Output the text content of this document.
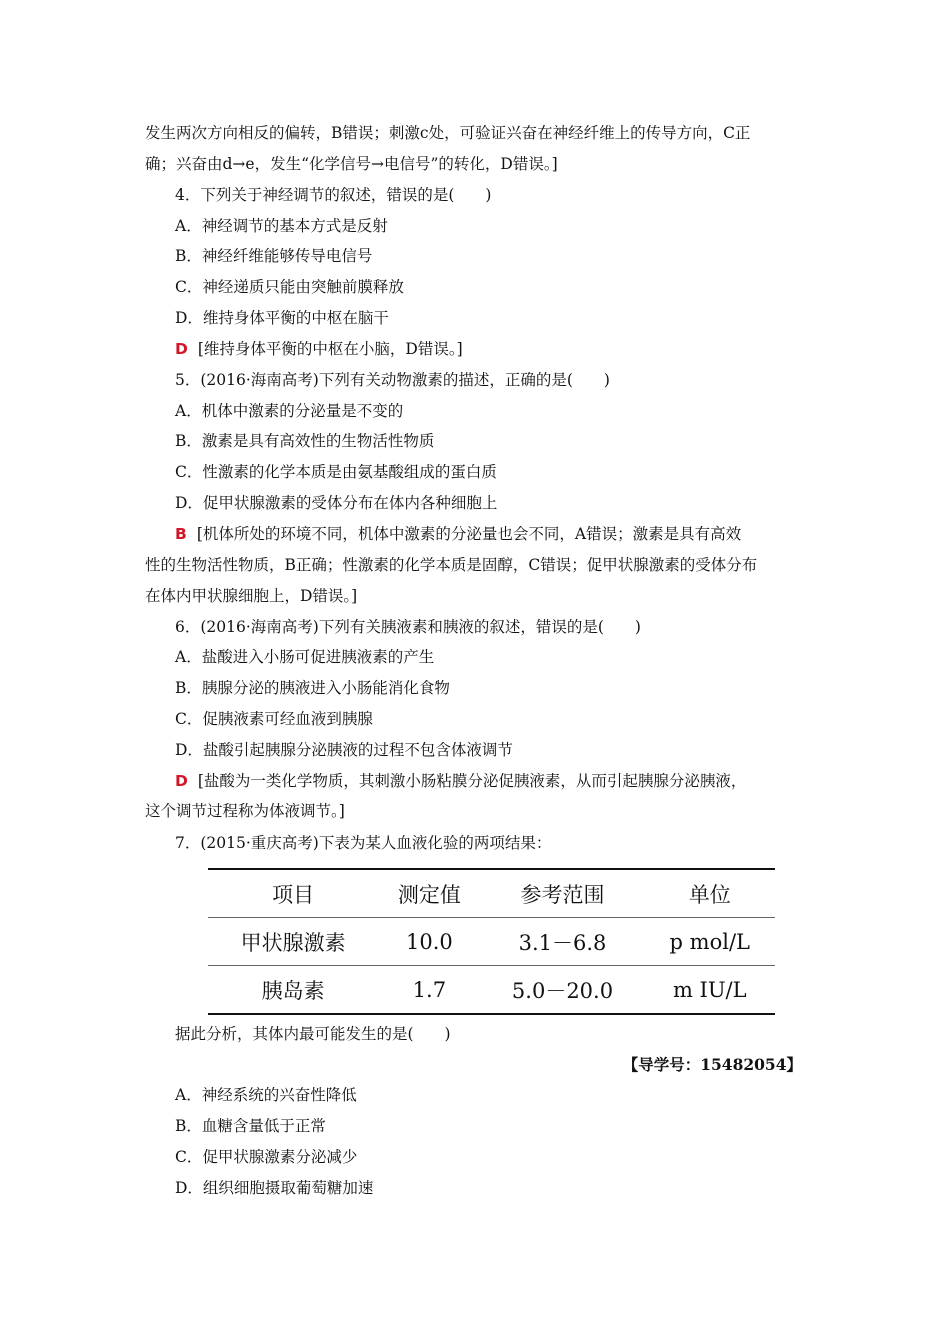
发生两次方向相反的偏转，B错误；刺激c处，可验证兴奋在神经纤维上的传导方向，C正
确；兴奋由d→e，发生“化学信号→电信号”的转化，D错误。]
4．下列关于神经调节的叙述，错误的是(　　)
A．神经调节的基本方式是反射
B．神经纤维能够传导电信号
C．神经递质只能由突触前膜释放
D．维持身体平衡的中枢在脑干
D [维持身体平衡的中枢在小脑，D错误。]
5．(2016·海南高考)下列有关动物激素的描述，正确的是(　　)
A．机体中激素的分泌量是不变的
B．激素是具有高效性的生物活性物质
C．性激素的化学本质是由氨基酸组成的蛋白质
D．促甲状腺激素的受体分布在体内各种细胞上
B [机体所处的环境不同，机体中激素的分泌量也会不同，A错误；激素是具有高效
性的生物活性物质，B正确；性激素的化学本质是固醇，C错误；促甲状腺激素的受体分布
在体内甲状腺细胞上，D错误。]
6．(2016·海南高考)下列有关胰液素和胰液的叙述，错误的是(　　)
A．盐酸进入小肠可促进胰液素的产生
B．胰腺分泌的胰液进入小肠能消化食物
C．促胰液素可经血液到胰腺
D．盐酸引起胰腺分泌胰液的过程不包含体液调节
D [盐酸为一类化学物质，其刺激小肠粘膜分泌促胰液素，从而引起胰腺分泌胰液，
这个调节过程称为体液调节。]
7．(2015·重庆高考)下表为某人血液化验的两项结果：
项目	测定值	参考范围	单位
甲状腺激素	10.0	3.1－6.8	p mol/L
胰岛素	1.7	5.0－20.0	m IU/L
据此分析，其体内最可能发生的是(　　)
【导学号：15482054】
A．神经系统的兴奋性降低
B．血糖含量低于正常
C．促甲状腺激素分泌减少
D．组织细胞摄取葡萄糖加速
